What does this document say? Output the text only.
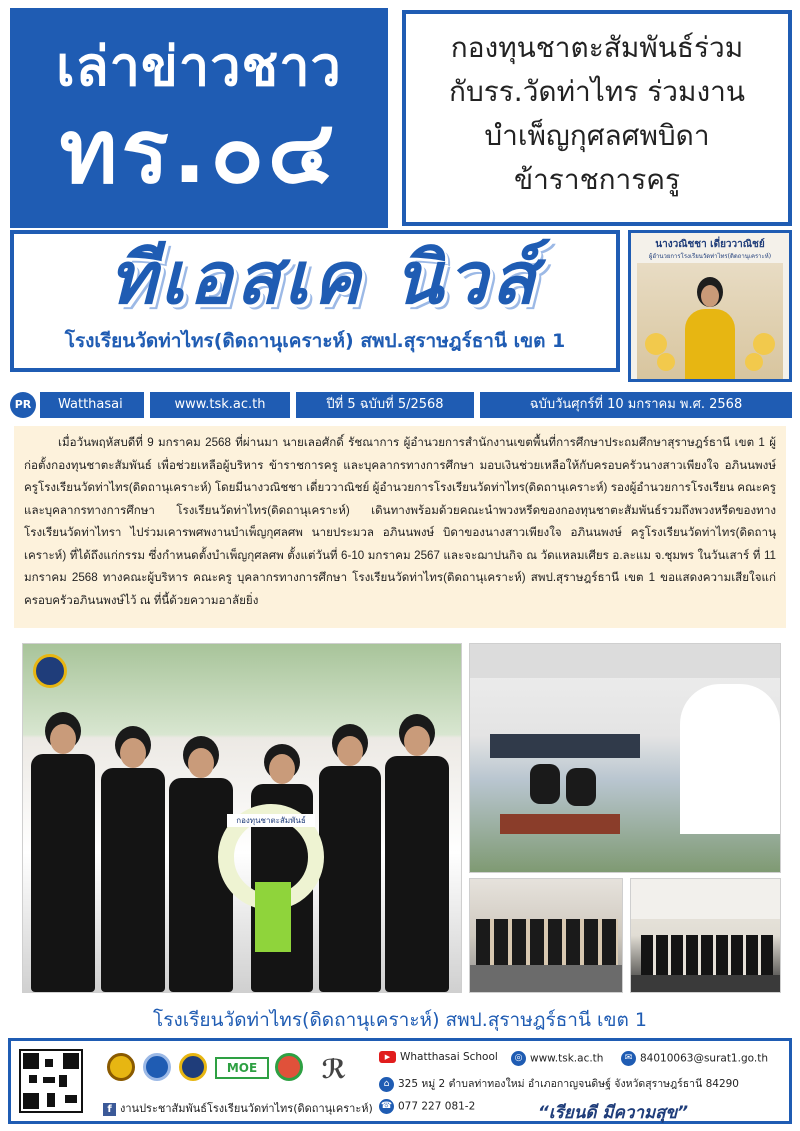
เล่าข่าวชาว
ทร.๐๔
กองทุนชาตะสัมพันธ์ร่วม
กับรร.วัดท่าไทร ร่วมงาน
บำเพ็ญกุศลศพบิดา
ข้าราชการครู
ทีเอสเค นิวส์
โรงเรียนวัดท่าไทร(ดิดถานุเคราะห์) สพป.สุราษฎร์ธานี เขต 1
นางวณิชชา เดี่ยววาณิชย์
ผู้อำนวยการโรงเรียนวัดท่าไทร(ดิดถานุเคราะห์)
PR	Watthasai	www.tsk.ac.th	ปีที่ 5 ฉบับที่ 5/2568	ฉบับวันศุกร์ที่ 10 มกราคม พ.ศ. 2568
เมื่อวันพฤหัสบดีที่ 9 มกราคม 2568 ที่ผ่านมา นายเลอศักดิ์ รัชณาการ ผู้อำนวยการสำนักงานเขตพื้นที่การศึกษาประถมศึกษาสุราษฎร์ธานี เขต 1 ผู้ก่อตั้งกองทุนชาตะสัมพันธ์ เพื่อช่วยเหลือผู้บริหาร ข้าราชการครู และบุคลากรทางการศึกษา มอบเงินช่วยเหลือให้กับครอบครัวนางสาวเพียงใจ อภินนพงษ์ ครูโรงเรียนวัดท่าไทร(ดิดถานุเคราะห์) โดยมีนางวณิชชา เดี่ยววาณิชย์ ผู้อำนวยการโรงเรียนวัดท่าไทร(ดิดถานุเคราะห์) รองผู้อำนวยการโรงเรียน คณะครู และบุคลากรทางการศึกษา โรงเรียนวัดท่าไทร(ดิดถานุเคราะห์) เดินทางพร้อมด้วยคณะนำพวงหรีดของกองทุนชาตะสัมพันธ์รวมถึงพวงหรีดของทางโรงเรียนวัดท่าไทรา ไปร่วมเคารพศพงานบำเพ็ญกุศลศพ นายประมวล อภินนพงษ์ บิดาของนางสาวเพียงใจ อภินนพงษ์ ครูโรงเรียนวัดท่าไทร(ดิดถานุเคราะห์) ที่ได้ถึงแก่กรรม ซึ่งกำหนดตั้งบำเพ็ญกุศลศพ ตั้งแต่วันที่ 6-10 มกราคม 2567 และจะฌาปนกิจ ณ วัดแหลมเศียร อ.ละแม จ.ชุมพร ในวันเสาร์ ที่ 11 มกราคม 2568 ทางคณะผู้บริหาร คณะครู บุคลากรทางการศึกษา โรงเรียนวัดท่าไทร(ดิดถานุเคราะห์) สพป.สุราษฎร์ธานี เขต 1 ขอแสดงความเสียใจแก่ครอบครัวอภินนพงษ์ไว้ ณ ที่นี้ด้วยความอาลัยยิ่ง
กองทุนชาตะสัมพันธ์
โรงเรียนวัดท่าไทร(ดิดถานุเคราะห์) สพป.สุราษฎร์ธานี เขต 1
MOE	ℛ
f งานประชาสัมพันธ์โรงเรียนวัดท่าไทร(ดิดถานุเคราะห์)
▶ Whatthasai School	◎ www.tsk.ac.th	✉ 84010063@surat1.go.th
⌂ 325 หมู่ 2 ตำบลท่าทองใหม่ อำเภอกาญจนดิษฐ์ จังหวัดสุราษฎร์ธานี 84290
☎ 077 227 081-2	“เรียนดี มีความสุข”
